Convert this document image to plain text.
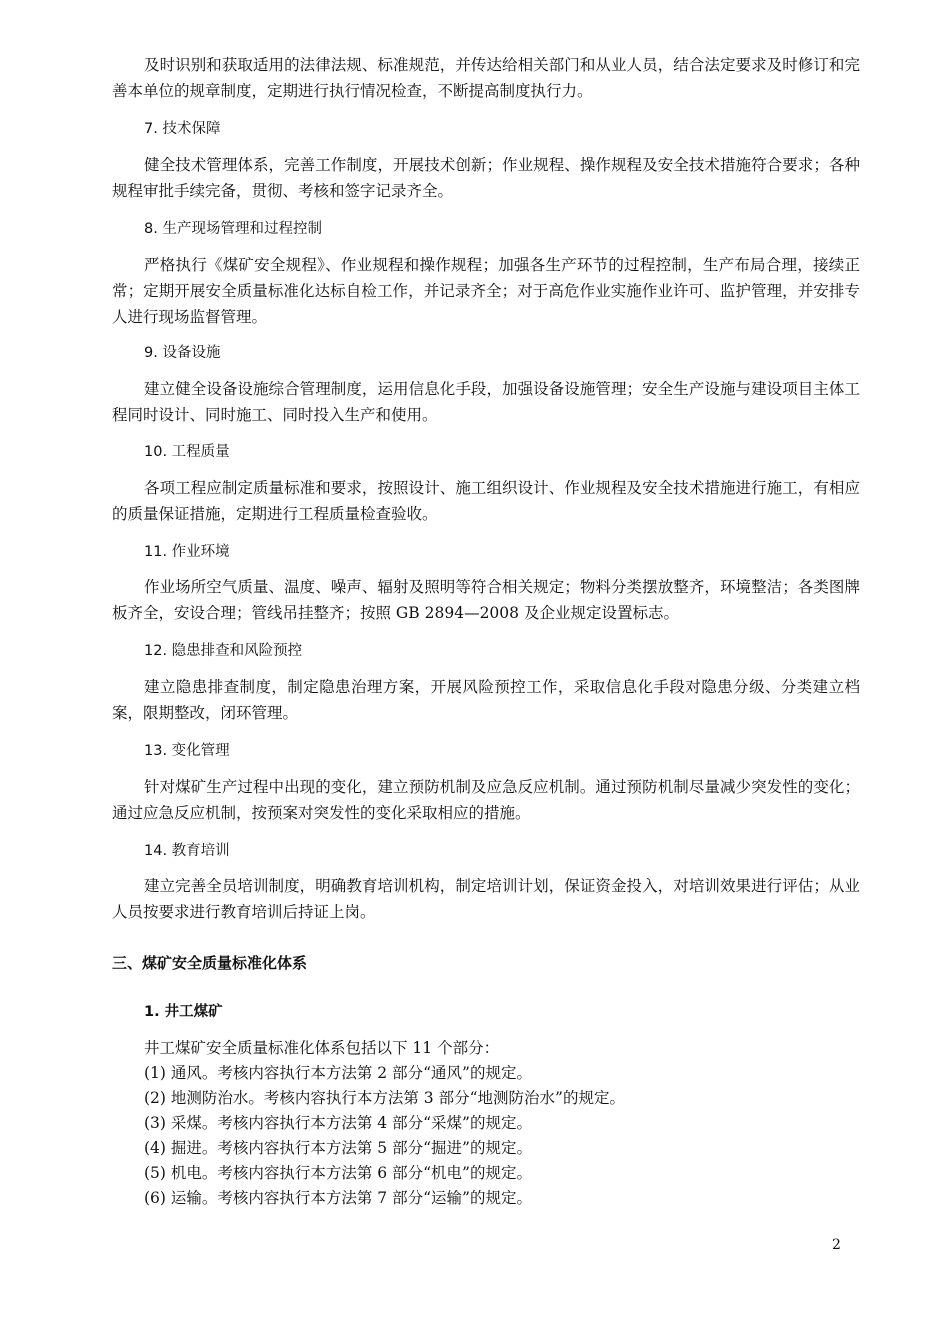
及时识别和获取适用的法律法规、标准规范，并传达给相关部门和从业人员，结合法定要求及时修订和完善本单位的规章制度，定期进行执行情况检查，不断提高制度执行力。

7. 技术保障

健全技术管理体系，完善工作制度，开展技术创新；作业规程、操作规程及安全技术措施符合要求；各种规程审批手续完备，贯彻、考核和签字记录齐全。

8. 生产现场管理和过程控制

严格执行《煤矿安全规程》、作业规程和操作规程；加强各生产环节的过程控制，生产布局合理，接续正常；定期开展安全质量标准化达标自检工作，并记录齐全；对于高危作业实施作业许可、监护管理，并安排专人进行现场监督管理。

9. 设备设施

建立健全设备设施综合管理制度，运用信息化手段，加强设备设施管理；安全生产设施与建设项目主体工程同时设计、同时施工、同时投入生产和使用。

10. 工程质量

各项工程应制定质量标准和要求，按照设计、施工组织设计、作业规程及安全技术措施进行施工，有相应的质量保证措施，定期进行工程质量检查验收。

11. 作业环境

作业场所空气质量、温度、噪声、辐射及照明等符合相关规定；物料分类摆放整齐，环境整洁；各类图牌板齐全，安设合理；管线吊挂整齐；按照 GB 2894—2008 及企业规定设置标志。

12. 隐患排查和风险预控

建立隐患排查制度，制定隐患治理方案，开展风险预控工作，采取信息化手段对隐患分级、分类建立档案，限期整改，闭环管理。

13. 变化管理

针对煤矿生产过程中出现的变化，建立预防机制及应急反应机制。通过预防机制尽量减少突发性的变化；通过应急反应机制，按预案对突发性的变化采取相应的措施。

14. 教育培训

建立完善全员培训制度，明确教育培训机构，制定培训计划，保证资金投入，对培训效果进行评估；从业人员按要求进行教育培训后持证上岗。

三、煤矿安全质量标准化体系

1. 井工煤矿

井工煤矿安全质量标准化体系包括以下 11 个部分：

(1) 通风。考核内容执行本方法第 2 部分“通风”的规定。

(2) 地测防治水。考核内容执行本方法第 3 部分“地测防治水”的规定。

(3) 采煤。考核内容执行本方法第 4 部分“采煤”的规定。

(4) 掘进。考核内容执行本方法第 5 部分“掘进”的规定。

(5) 机电。考核内容执行本方法第 6 部分“机电”的规定。

(6) 运输。考核内容执行本方法第 7 部分“运输”的规定。

2
